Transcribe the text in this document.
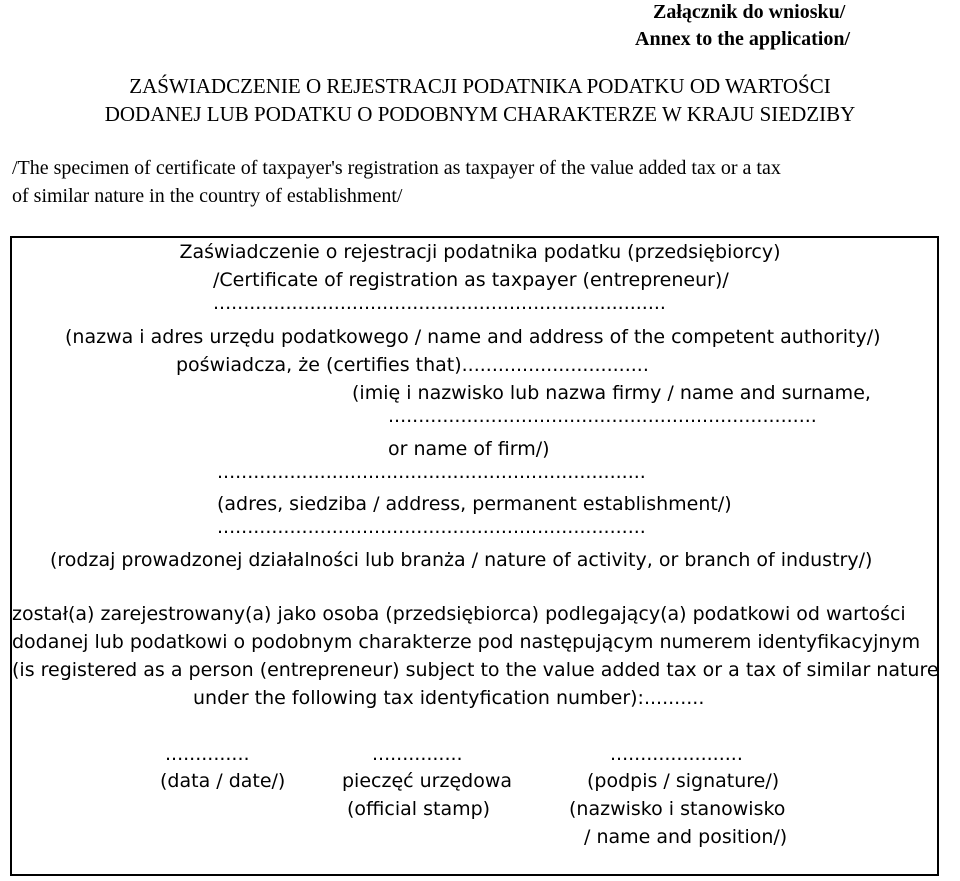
Załącznik do wniosku/
Annex to the application/
ZAŚWIADCZENIE O REJESTRACJI PODATNIKA PODATKU OD WARTOŚCI
DODANEJ LUB PODATKU O PODOBNYM CHARAKTERZE W KRAJU SIEDZIBY
/The specimen of certificate of taxpayer's registration as taxpayer of the value added tax or a tax
of similar nature in the country of establishment/
Zaświadczenie o rejestracji podatnika podatku (przedsiębiorcy)
/Certificate of registration as taxpayer (entrepreneur)/
...........................................................................
(nazwa i adres urzędu podatkowego / name and address of the competent authority/)
poświadcza, że (certifies that)...............................
(imię i nazwisko lub nazwa firmy / name and surname,
.......................................................................
or name of firm/)
.......................................................................
(adres, siedziba / address, permanent establishment/)
.......................................................................
(rodzaj prowadzonej działalności lub branża / nature of activity, or branch of industry/)
został(a) zarejestrowany(a) jako osoba (przedsiębiorca) podlegający(a) podatkowi od wartości
dodanej lub podatkowi o podobnym charakterze pod następującym numerem identyfikacyjnym
(is registered as a person (entrepreneur) subject to the value added tax or a tax of similar nature
under the following tax identyfication number):..........
..............
(data / date/)
...............
pieczęć urzędowa
(official stamp)
......................
(podpis / signature/)
(nazwisko i stanowisko
/ name and position/)
